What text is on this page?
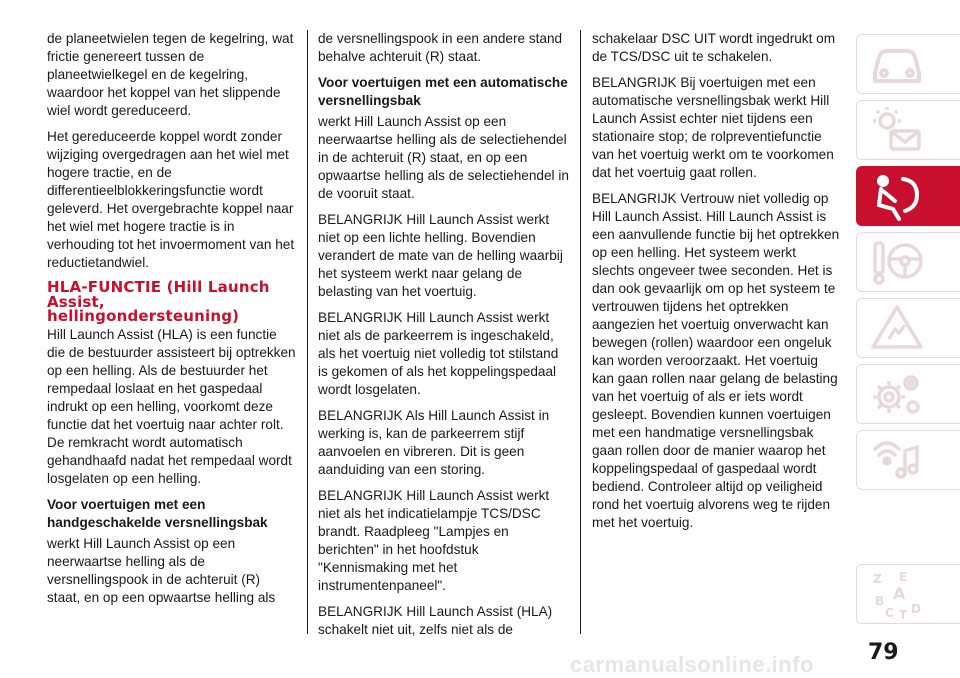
de planeetwielen tegen de kegelring, wat frictie genereert tussen de planeetwielkegel en de kegelring, waardoor het koppel van het slippende wiel wordt gereduceerd.

Het gereduceerde koppel wordt zonder wijziging overgedragen aan het wiel met hogere tractie, en de differentieelblokkeringsfunctie wordt geleverd. Het overgebrachte koppel naar het wiel met hogere tractie is in verhouding tot het invoermoment van het reductietandwiel.

HLA-FUNCTIE (Hill Launch Assist, hellingondersteuning)

Hill Launch Assist (HLA) is een functie die de bestuurder assisteert bij optrekken op een helling. Als de bestuurder het rempedaal loslaat en het gaspedaal indrukt op een helling, voorkomt deze functie dat het voertuig naar achter rolt. De remkracht wordt automatisch gehandhaafd nadat het rempedaal wordt losgelaten op een helling.

Voor voertuigen met een handgeschakelde versnellingsbak

werkt Hill Launch Assist op een neerwaartse helling als de versnellingspook in de achteruit (R) staat, en op een opwaartse helling als

de versnellingspook in een andere stand behalve achteruit (R) staat.

Voor voertuigen met een automatische versnellingsbak

werkt Hill Launch Assist op een neerwaartse helling als de selectiehendel in de achteruit (R) staat, en op een opwaartse helling als de selectiehendel in de vooruit staat.

BELANGRIJK Hill Launch Assist werkt niet op een lichte helling. Bovendien verandert de mate van de helling waarbij het systeem werkt naar gelang de belasting van het voertuig.

BELANGRIJK Hill Launch Assist werkt niet als de parkeerrem is ingeschakeld, als het voertuig niet volledig tot stilstand is gekomen of als het koppelingspedaal wordt losgelaten.

BELANGRIJK Als Hill Launch Assist in werking is, kan de parkeerrem stijf aanvoelen en vibreren. Dit is geen aanduiding van een storing.

BELANGRIJK Hill Launch Assist werkt niet als het indicatielampje TCS/DSC brandt. Raadpleeg "Lampjes en berichten" in het hoofdstuk "Kennismaking met het instrumentenpaneel".

BELANGRIJK Hill Launch Assist (HLA) schakelt niet uit, zelfs niet als de

schakelaar DSC UIT wordt ingedrukt om de TCS/DSC uit te schakelen.

BELANGRIJK Bij voertuigen met een automatische versnellingsbak werkt Hill Launch Assist echter niet tijdens een stationaire stop; de rolpreventiefunctie van het voertuig werkt om te voorkomen dat het voertuig gaat rollen.

BELANGRIJK Vertrouw niet volledig op Hill Launch Assist. Hill Launch Assist is een aanvullende functie bij het optrekken op een helling. Het systeem werkt slechts ongeveer twee seconden. Het is dan ook gevaarlijk om op het systeem te vertrouwen tijdens het optrekken aangezien het voertuig onverwacht kan bewegen (rollen) waardoor een ongeluk kan worden veroorzaakt. Het voertuig kan gaan rollen naar gelang de belasting van het voertuig of als er iets wordt gesleept. Bovendien kunnen voertuigen met een handmatige versnellingsbak gaan rollen door de manier waarop het koppelingspedaal of gaspedaal wordt bediend. Controleer altijd op veiligheid rond het voertuig alvorens weg te rijden met het voertuig.

Z E
A
B
C D
T
79
carmanualsonline.info
